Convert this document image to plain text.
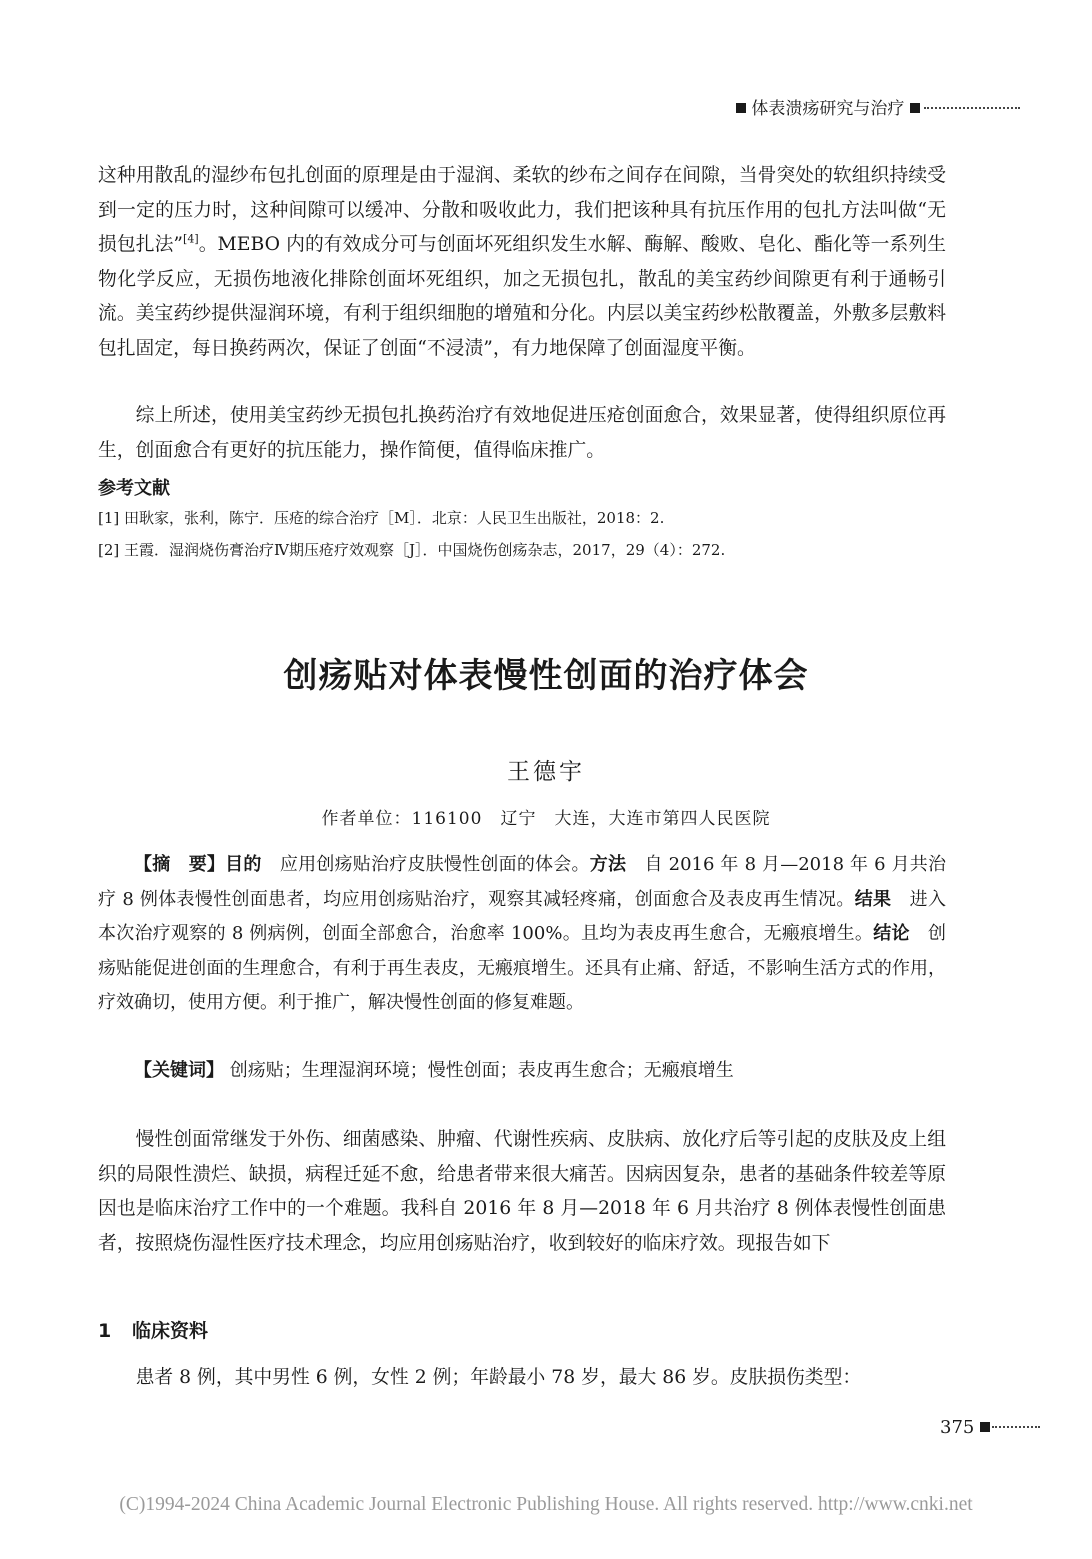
体表溃疡研究与治疗
这种用散乱的湿纱布包扎创面的原理是由于湿润、柔软的纱布之间存在间隙，当骨突处的软组织持续受到一定的压力时，这种间隙可以缓冲、分散和吸收此力，我们把该种具有抗压作用的包扎方法叫做“无损包扎法”[4]。MEBO 内的有效成分可与创面坏死组织发生水解、酶解、酸败、皂化、酯化等一系列生物化学反应，无损伤地液化排除创面坏死组织，加之无损包扎，散乱的美宝药纱间隙更有利于通畅引流。美宝药纱提供湿润环境，有利于组织细胞的增殖和分化。内层以美宝药纱松散覆盖，外敷多层敷料包扎固定，每日换药两次，保证了创面“不浸渍”，有力地保障了创面湿度平衡。
综上所述，使用美宝药纱无损包扎换药治疗有效地促进压疮创面愈合，效果显著，使得组织原位再生，创面愈合有更好的抗压能力，操作简便，值得临床推广。
参考文献
[1] 田耿家，张利，陈宁．压疮的综合治疗［M］．北京：人民卫生出版社，2018：2.
[2] 王霞．湿润烧伤膏治疗Ⅳ期压疮疗效观察［J］．中国烧伤创疡杂志，2017，29（4）：272.
创疡贴对体表慢性创面的治疗体会
王德宇
作者单位：116100　辽宁　大连，大连市第四人民医院
【摘　要】目的　应用创疡贴治疗皮肤慢性创面的体会。方法　自 2016 年 8 月—2018 年 6 月共治疗 8 例体表慢性创面患者，均应用创疡贴治疗，观察其减轻疼痛，创面愈合及表皮再生情况。结果　进入本次治疗观察的 8 例病例，创面全部愈合，治愈率 100%。且均为表皮再生愈合，无瘢痕增生。结论　创疡贴能促进创面的生理愈合，有利于再生表皮，无瘢痕增生。还具有止痛、舒适，不影响生活方式的作用，疗效确切，使用方便。利于推广，解决慢性创面的修复难题。
【关键词】 创疡贴；生理湿润环境；慢性创面；表皮再生愈合；无瘢痕增生
慢性创面常继发于外伤、细菌感染、肿瘤、代谢性疾病、皮肤病、放化疗后等引起的皮肤及皮上组织的局限性溃烂、缺损，病程迁延不愈，给患者带来很大痛苦。因病因复杂，患者的基础条件较差等原因也是临床治疗工作中的一个难题。我科自 2016 年 8 月—2018 年 6 月共治疗 8 例体表慢性创面患者，按照烧伤湿性医疗技术理念，均应用创疡贴治疗，收到较好的临床疗效。现报告如下
1 临床资料
患者 8 例，其中男性 6 例，女性 2 例；年龄最小 78 岁，最大 86 岁。皮肤损伤类型：
375
(C)1994-2024 China Academic Journal Electronic Publishing House. All rights reserved. http://www.cnki.net
